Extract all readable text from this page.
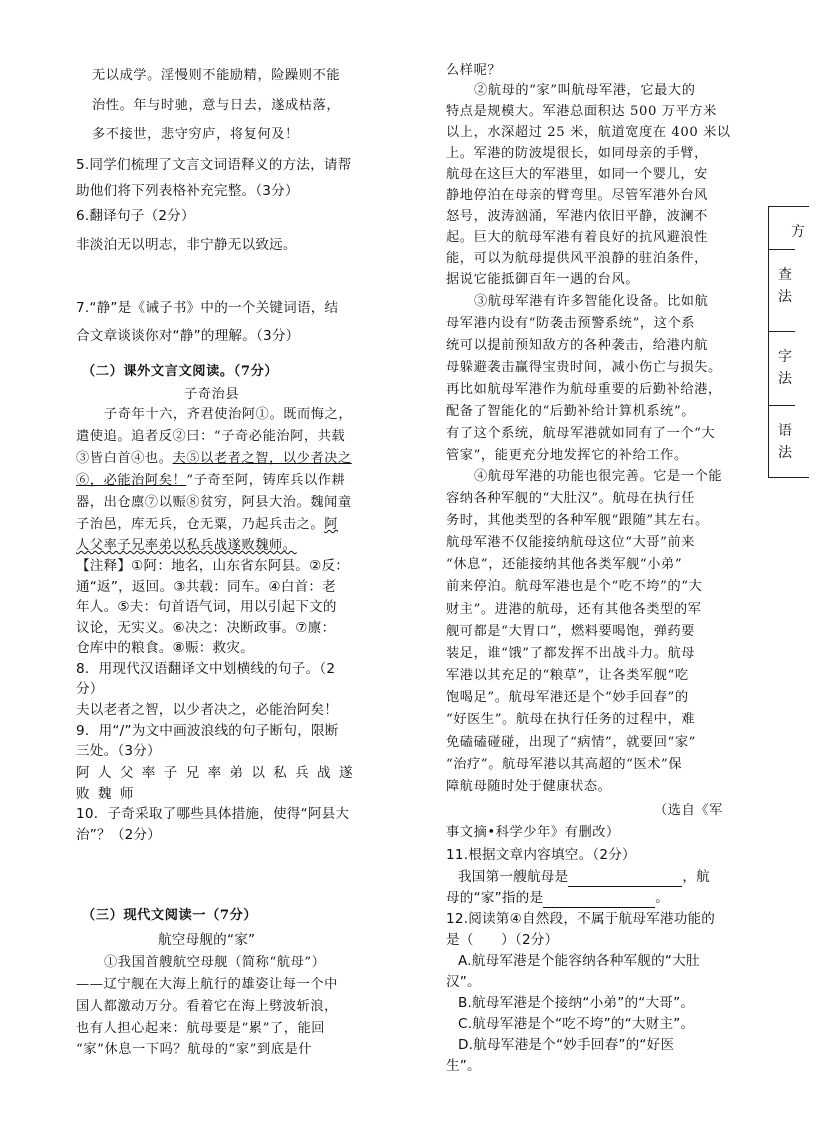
无以成学。淫慢则不能励精，险躁则不能
治性。年与时驰，意与日去，遂成枯落，
多不接世，悲守穷庐，将复何及！
5.同学们梳理了文言文词语释义的方法，请帮
助他们将下列表格补充完整。（3分）
6.翻译句子（2分）
非淡泊无以明志，非宁静无以致远。
7.“静”是《诫子书》中的一个关键词语，结
合文章谈谈你对“静”的理解。（3分）
（二）课外文言文阅读。（7分）
子奇治县
子奇年十六，齐君使治阿①。既而悔之，
遣使追。追者反②曰：“子奇必能治阿，共载
③皆白首④也。夫⑤以老者之智，以少者决之
⑥，必能治阿矣！”子奇至阿，铸库兵以作耕
器，出仓廪⑦以赈⑧贫穷，阿县大治。魏闻童
子治邑，库无兵，仓无粟，乃起兵击之。阿
人父率子兄率弟以私兵战遂败魏师。
【注释】①阿：地名，山东省东阿县。②反：
通“返”，返回。③共载：同车。④白首：老
年人。⑤夫：句首语气词，用以引起下文的
议论，无实义。⑥决之：决断政事。⑦廪：
仓库中的粮食。⑧赈：救灾。
8．用现代汉语翻译文中划横线的句子。（2
分）
夫以老者之智，以少者决之，必能治阿矣！
9．用“/”为文中画波浪线的句子断句，限断
三处。（3分）
阿 人 父 率 子 兄 率 弟 以 私 兵 战 遂
败 魏 师
10．子奇采取了哪些具体措施，使得“阿县大
治”？（2分）
（三）现代文阅读一（7分）
航空母舰的“家”
①我国首艘航空母舰（简称“航母”）
——辽宁舰在大海上航行的雄姿让每一个中
国人都激动万分。看着它在海上劈波斩浪，
也有人担心起来：航母要是“累”了，能回
“家”休息一下吗？航母的“家”到底是什
么样呢？
②航母的“家”叫航母军港，它最大的
特点是规模大。军港总面积达 500 万平方米
以上，水深超过 25 米，航道宽度在 400 米以
上。军港的防波堤很长，如同母亲的手臂，
航母在这巨大的军港里，如同一个婴儿，安
静地停泊在母亲的臂弯里。尽管军港外台风
怒号，波涛汹涌，军港内依旧平静，波澜不
起。巨大的航母军港有着良好的抗风避浪性
能，可以为航母提供风平浪静的驻泊条件，
据说它能抵御百年一遇的台风。
③航母军港有许多智能化设备。比如航
母军港内设有“防袭击预警系统”，这个系
统可以提前预知敌方的各种袭击，给港内航
母躲避袭击赢得宝贵时间，减小伤亡与损失。
再比如航母军港作为航母重要的后勤补给港，
配备了智能化的“后勤补给计算机系统”。
有了这个系统，航母军港就如同有了一个“大
管家”，能更充分地发挥它的补给工作。
④航母军港的功能也很完善。它是一个能
容纳各种军舰的“大肚汉”。航母在执行任
务时，其他类型的各种军舰“跟随”其左右。
航母军港不仅能接纳航母这位“大哥”前来
“休息”，还能接纳其他各类军舰“小弟”
前来停泊。航母军港也是个“吃不垮”的“大
财主”。进港的航母，还有其他各类型的军
舰可都是“大胃口”，燃料要喝饱，弹药要
装足，谁“饿”了都发挥不出战斗力。航母
军港以其充足的“粮草”，让各类军舰“吃
饱喝足”。航母军港还是个“妙手回春”的
“好医生”。航母在执行任务的过程中，难
免磕磕碰碰，出现了“病情”，就要回“家”
“治疗”。航母军港以其高超的“医术”保
障航母随时处于健康状态。
（选自《军
事文摘•科学少年》有删改）
11.根据文章内容填空。（2分）
我国第一艘航母是	，航
母的“家”指的是	。
12.阅读第④自然段，不属于航母军港功能的
是（　　）（2分）
A.航母军港是个能容纳各种军舰的“大肚
汉”。
B.航母军港是个接纳“小弟”的“大哥”。
C.航母军港是个“吃不垮”的“大财主”。
D.航母军港是个“妙手回春”的“好医
生”。
方
查法
字法
语法
